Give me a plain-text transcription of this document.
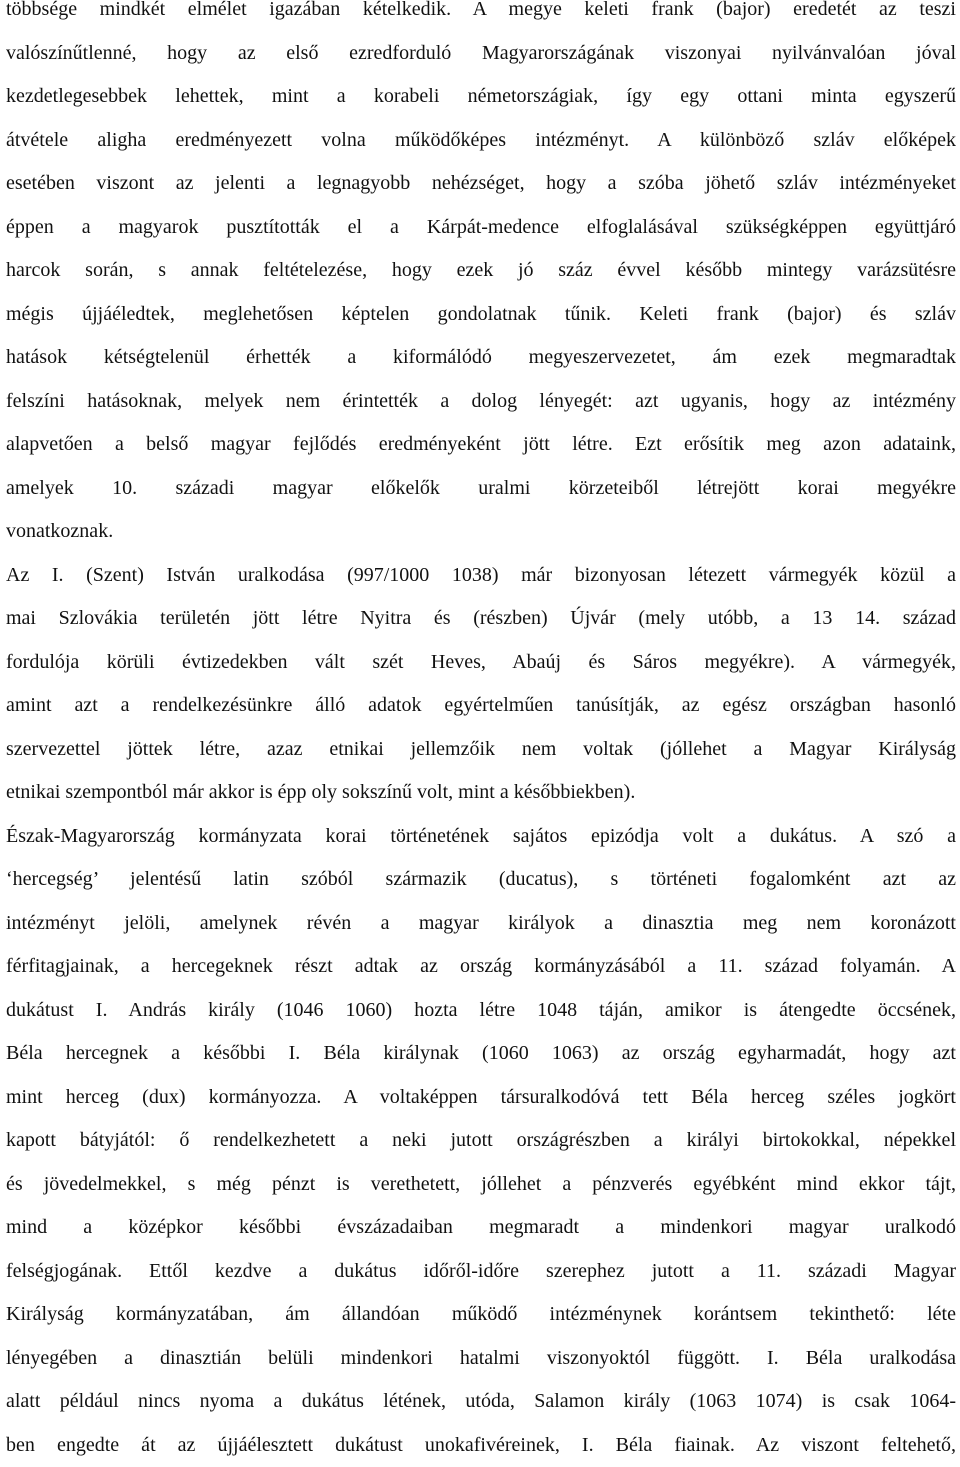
többsége mindkét elmélet igazában kételkedik. A megye keleti frank (bajor) eredetét az teszi
valószínűtlenné, hogy az első ezredforduló Magyarországának viszonyai nyilvánvalóan jóval
kezdetlegesebbek lehettek, mint a korabeli németországiak, így egy ottani minta egyszerű
átvétele aligha eredményezett volna működőképes intézményt. A különböző szláv előképek
esetében viszont az jelenti a legnagyobb nehézséget, hogy a szóba jöhető szláv intézményeket
éppen a magyarok pusztították el a Kárpát-medence elfoglalásával szükségképpen együttjáró
harcok során, s annak feltételezése, hogy ezek jó száz évvel később mintegy varázsütésre
mégis újjáéledtek, meglehetősen képtelen gondolatnak tűnik. Keleti frank (bajor) és szláv
hatások kétségtelenül érhették a kiformálódó megyeszervezetet, ám ezek megmaradtak
felszíni hatásoknak, melyek nem érintették a dolog lényegét: azt ugyanis, hogy az intézmény
alapvetően a belső magyar fejlődés eredményeként jött létre. Ezt erősítik meg azon adataink,
amelyek 10. századi magyar előkelők uralmi körzeteiből létrejött korai megyékre
vonatkoznak.
Az I. (Szent) István uralkodása (997/1000 1038) már bizonyosan létezett vármegyék közül a
mai Szlovákia területén jött létre Nyitra és (részben) Újvár (mely utóbb, a 13 14. század
fordulója körüli évtizedekben vált szét Heves, Abaúj és Sáros megyékre). A vármegyék,
amint azt a rendelkezésünkre álló adatok egyértelműen tanúsítják, az egész országban hasonló
szervezettel jöttek létre, azaz etnikai jellemzőik nem voltak (jóllehet a Magyar Királyság
etnikai szempontból már akkor is épp oly sokszínű volt, mint a későbbiekben).
Észak-Magyarország kormányzata korai történetének sajátos epizódja volt a dukátus. A szó a
‘hercegség’ jelentésű latin szóból származik (ducatus), s történeti fogalomként azt az
intézményt jelöli, amelynek révén a magyar királyok a dinasztia meg nem koronázott
férfitagjainak, a hercegeknek részt adtak az ország kormányzásából a 11. század folyamán. A
dukátust I. András király (1046 1060) hozta létre 1048 táján, amikor is átengedte öccsének,
Béla hercegnek a későbbi I. Béla királynak (1060 1063) az ország egyharmadát, hogy azt
mint herceg (dux) kormányozza. A voltaképpen társuralkodóvá tett Béla herceg széles jogkört
kapott bátyjától: ő rendelkezhetett a neki jutott országrészben a királyi birtokokkal, népekkel
és jövedelmekkel, s még pénzt is verethetett, jóllehet a pénzverés egyébként mind ekkor tájt,
mind a középkor későbbi évszázadaiban megmaradt a mindenkori magyar uralkodó
felségjogának. Ettől kezdve a dukátus időről-időre szerephez jutott a 11. századi Magyar
Királyság kormányzatában, ám állandóan működő intézménynek korántsem tekinthető: léte
lényegében a dinasztián belüli mindenkori hatalmi viszonyoktól függött. I. Béla uralkodása
alatt például nincs nyoma a dukátus létének, utóda, Salamon király (1063 1074) is csak 1064-
ben engedte át az újjáélesztett dukátust unokafivéreinek, I. Béla fiainak. Az viszont feltehető,
